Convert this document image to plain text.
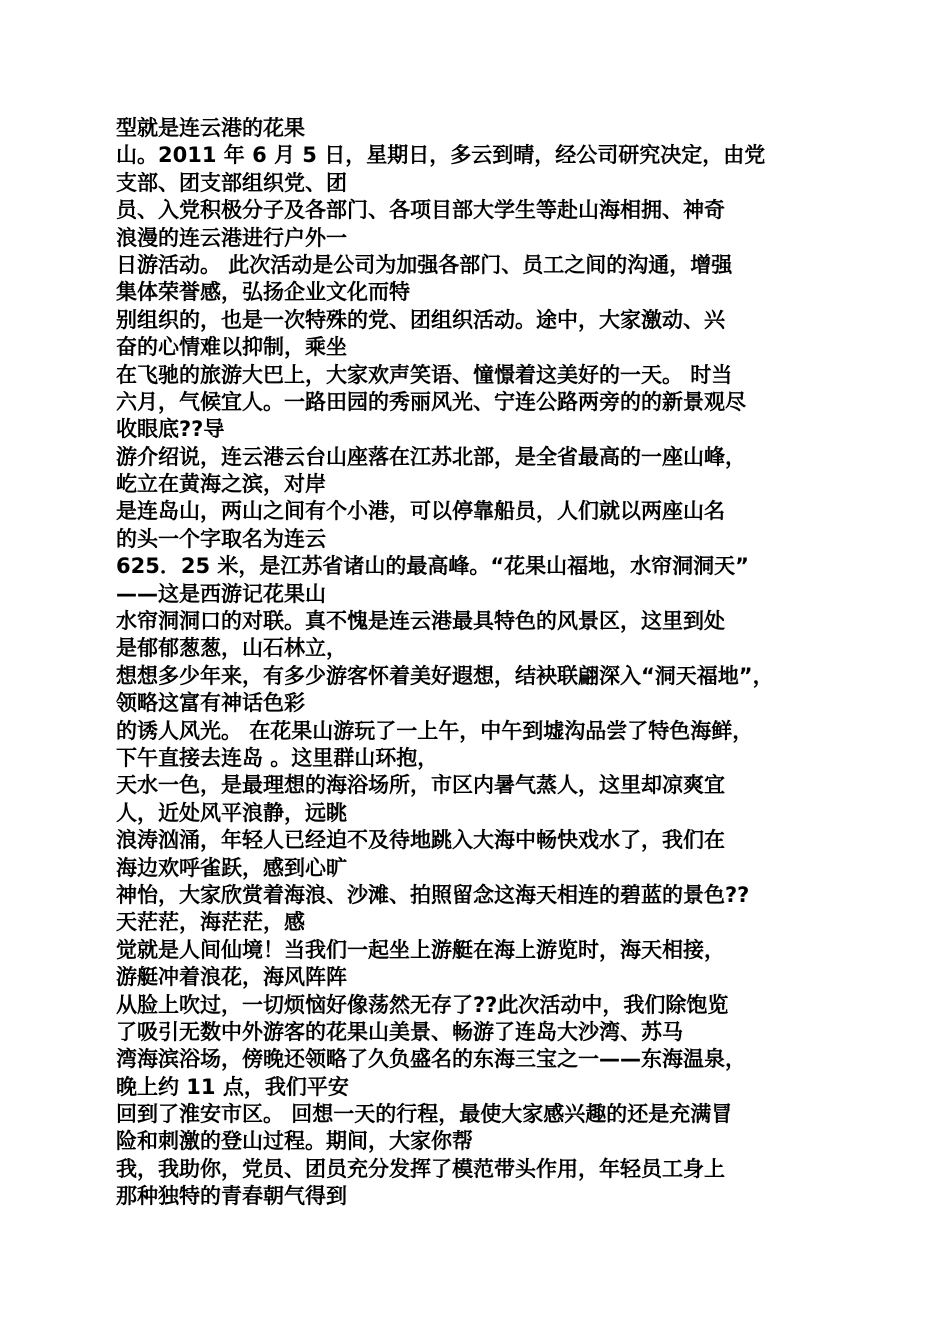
型就是连云港的花果
山。2011 年 6 月 5 日，星期日，多云到晴，经公司研究决定，由党
支部、团支部组织党、团
员、入党积极分子及各部门、各项目部大学生等赴山海相拥、神奇
浪漫的连云港进行户外一
日游活动。 此次活动是公司为加强各部门、员工之间的沟通，增强
集体荣誉感，弘扬企业文化而特
别组织的，也是一次特殊的党、团组织活动。途中，大家激动、兴
奋的心情难以抑制，乘坐
在飞驰的旅游大巴上，大家欢声笑语、憧憬着这美好的一天。 时当
六月，气候宜人。一路田园的秀丽风光、宁连公路两旁的的新景观尽
收眼底??导
游介绍说，连云港云台山座落在江苏北部，是全省最高的一座山峰，
屹立在黄海之滨，对岸
是连岛山，两山之间有个小港，可以停靠船员，人们就以两座山名
的头一个字取名为连云
625．25 米，是江苏省诸山的最高峰。“花果山福地，水帘洞洞天”
——这是西游记花果山
水帘洞洞口的对联。真不愧是连云港最具特色的风景区，这里到处
是郁郁葱葱，山石林立，
想想多少年来，有多少游客怀着美好遐想，结袂联翩深入“洞天福地”，
领略这富有神话色彩
的诱人风光。 在花果山游玩了一上午，中午到墟沟品尝了特色海鲜，
下午直接去连岛 。这里群山环抱，
天水一色，是最理想的海浴场所，市区内暑气蒸人，这里却凉爽宜
人，近处风平浪静，远眺
浪涛汹涌，年轻人已经迫不及待地跳入大海中畅快戏水了，我们在
海边欢呼雀跃，感到心旷
神怡，大家欣赏着海浪、沙滩、拍照留念这海天相连的碧蓝的景色??
天茫茫，海茫茫，感
觉就是人间仙境！当我们一起坐上游艇在海上游览时，海天相接，
游艇冲着浪花，海风阵阵
从脸上吹过，一切烦恼好像荡然无存了??此次活动中，我们除饱览
了吸引无数中外游客的花果山美景、畅游了连岛大沙湾、苏马
湾海滨浴场，傍晚还领略了久负盛名的东海三宝之一——东海温泉，
晚上约 11 点，我们平安
回到了淮安市区。 回想一天的行程，最使大家感兴趣的还是充满冒
险和刺激的登山过程。期间，大家你帮
我，我助你，党员、团员充分发挥了模范带头作用，年轻员工身上
那种独特的青春朝气得到
